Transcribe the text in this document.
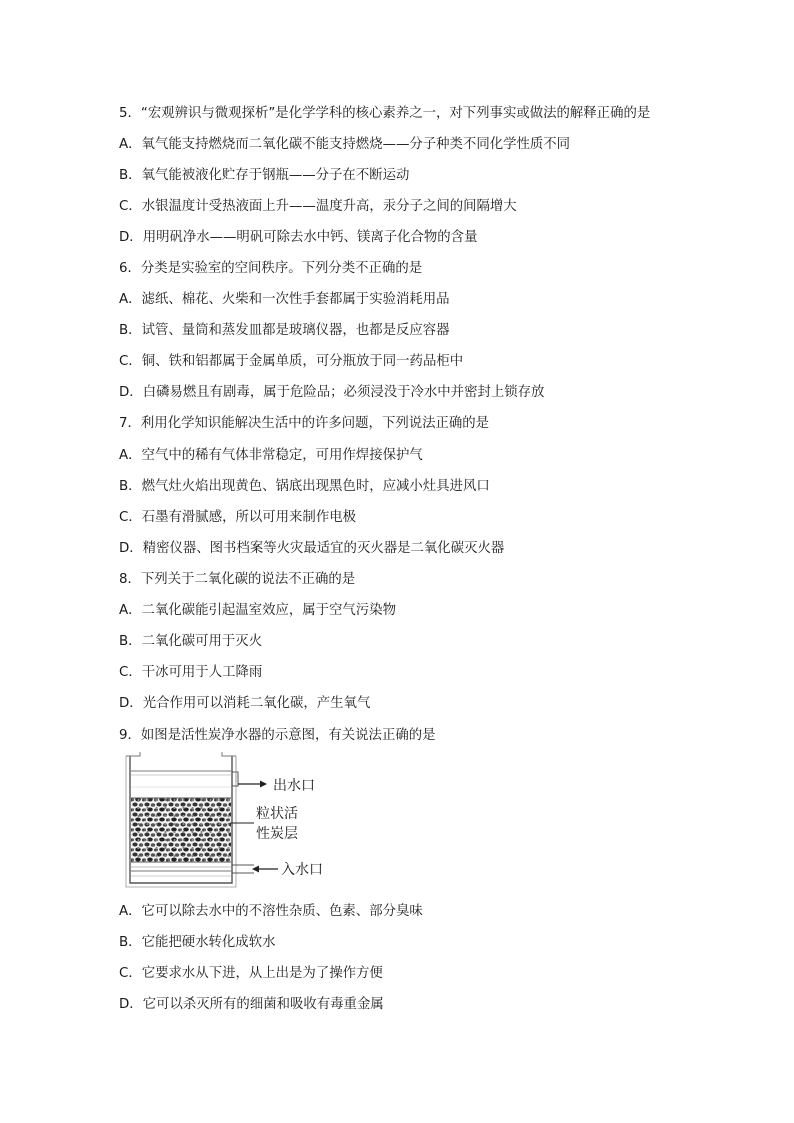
5．“宏观辨识与微观探析”是化学学科的核心素养之一，对下列事实或做法的解释正确的是
A．氧气能支持燃烧而二氧化碳不能支持燃烧——分子种类不同化学性质不同
B．氧气能被液化贮存于钢瓶——分子在不断运动
C．水银温度计受热液面上升——温度升高，汞分子之间的间隔增大
D．用明矾净水——明矾可除去水中钙、镁离子化合物的含量
6．分类是实验室的空间秩序。下列分类不正确的是
A．滤纸、棉花、火柴和一次性手套都属于实验消耗用品
B．试管、量筒和蒸发皿都是玻璃仪器，也都是反应容器
C．铜、铁和铝都属于金属单质，可分瓶放于同一药品柜中
D．白磷易燃且有剧毒，属于危险品；必须浸没于冷水中并密封上锁存放
7．利用化学知识能解决生活中的许多问题，下列说法正确的是
A．空气中的稀有气体非常稳定，可用作焊接保护气
B．燃气灶火焰出现黄色、锅底出现黑色时，应减小灶具进风口
C．石墨有滑腻感，所以可用来制作电极
D．精密仪器、图书档案等火灾最适宜的灭火器是二氧化碳灭火器
8．下列关于二氧化碳的说法不正确的是
A．二氧化碳能引起温室效应，属于空气污染物
B．二氧化碳可用于灭火
C．干冰可用于人工降雨
D．光合作用可以消耗二氧化碳，产生氧气
9．如图是活性炭净水器的示意图，有关说法正确的是
出水口
粒状活
性炭层
入水口
A．它可以除去水中的不溶性杂质、色素、部分臭味
B．它能把硬水转化成软水
C．它要求水从下进，从上出是为了操作方便
D．它可以杀灭所有的细菌和吸收有毒重金属
